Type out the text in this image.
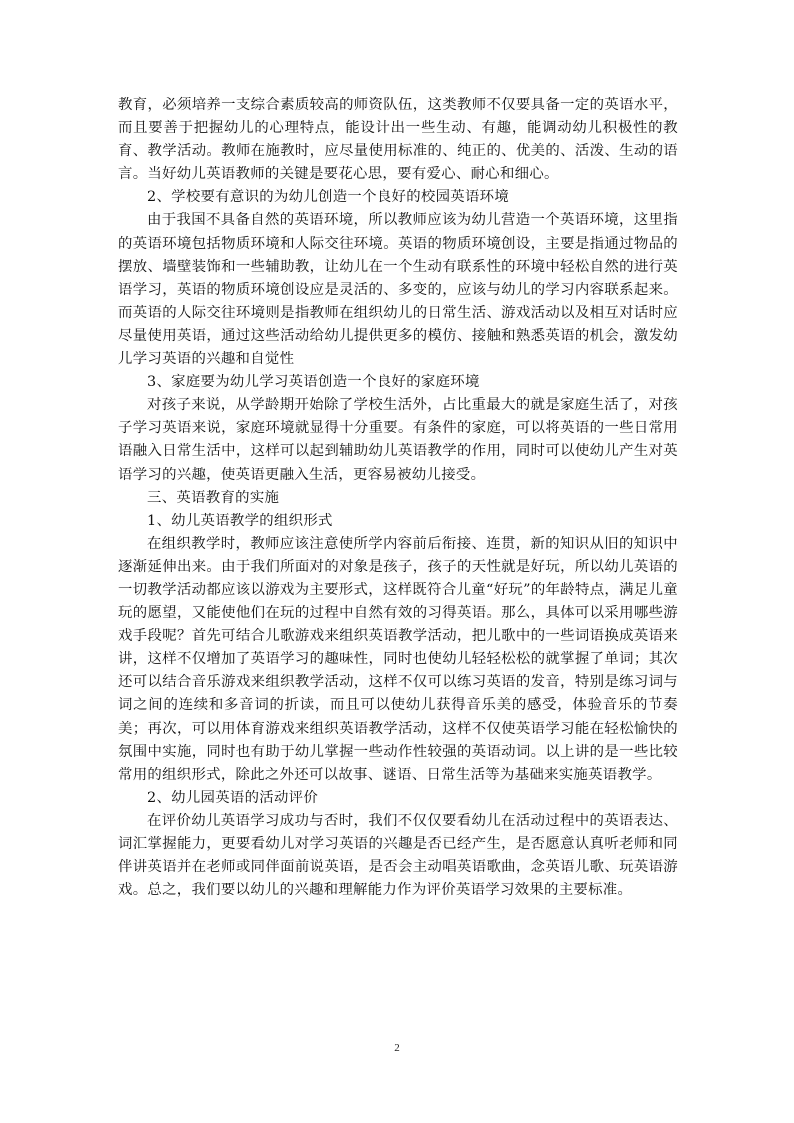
教育，必须培养一支综合素质较高的师资队伍，这类教师不仅要具备一定的英语水平，而且要善于把握幼儿的心理特点，能设计出一些生动、有趣，能调动幼儿积极性的教育、教学活动。教师在施教时，应尽量使用标准的、纯正的、优美的、活泼、生动的语言。当好幼儿英语教师的关键是要花心思，要有爱心、耐心和细心。

2、学校要有意识的为幼儿创造一个良好的校园英语环境

由于我国不具备自然的英语环境，所以教师应该为幼儿营造一个英语环境，这里指的英语环境包括物质环境和人际交往环境。英语的物质环境创设，主要是指通过物品的摆放、墙壁装饰和一些辅助教，让幼儿在一个生动有联系性的环境中轻松自然的进行英语学习，英语的物质环境创设应是灵活的、多变的，应该与幼儿的学习内容联系起来。而英语的人际交往环境则是指教师在组织幼儿的日常生活、游戏活动以及相互对话时应尽量使用英语，通过这些活动给幼儿提供更多的模仿、接触和熟悉英语的机会，激发幼儿学习英语的兴趣和自觉性

3、家庭要为幼儿学习英语创造一个良好的家庭环境

对孩子来说，从学龄期开始除了学校生活外，占比重最大的就是家庭生活了，对孩子学习英语来说，家庭环境就显得十分重要。有条件的家庭，可以将英语的一些日常用语融入日常生活中，这样可以起到辅助幼儿英语教学的作用，同时可以使幼儿产生对英语学习的兴趣，使英语更融入生活，更容易被幼儿接受。

三、英语教育的实施

1、幼儿英语教学的组织形式

在组织教学时，教师应该注意使所学内容前后衔接、连贯，新的知识从旧的知识中逐渐延伸出来。由于我们所面对的对象是孩子，孩子的天性就是好玩，所以幼儿英语的一切教学活动都应该以游戏为主要形式，这样既符合儿童“好玩”的年龄特点，满足儿童玩的愿望，又能使他们在玩的过程中自然有效的习得英语。那么，具体可以采用哪些游戏手段呢？首先可结合儿歌游戏来组织英语教学活动，把儿歌中的一些词语换成英语来讲，这样不仅增加了英语学习的趣味性，同时也使幼儿轻轻松松的就掌握了单词；其次还可以结合音乐游戏来组织教学活动，这样不仅可以练习英语的发音，特别是练习词与词之间的连续和多音词的折读，而且可以使幼儿获得音乐美的感受，体验音乐的节奏美；再次，可以用体育游戏来组织英语教学活动，这样不仅使英语学习能在轻松愉快的氛围中实施，同时也有助于幼儿掌握一些动作性较强的英语动词。以上讲的是一些比较常用的组织形式，除此之外还可以故事、谜语、日常生活等为基础来实施英语教学。

2、幼儿园英语的活动评价

在评价幼儿英语学习成功与否时，我们不仅仅要看幼儿在活动过程中的英语表达、词汇掌握能力，更要看幼儿对学习英语的兴趣是否已经产生，是否愿意认真听老师和同伴讲英语并在老师或同伴面前说英语，是否会主动唱英语歌曲，念英语儿歌、玩英语游戏。总之，我们要以幼儿的兴趣和理解能力作为评价英语学习效果的主要标准。

2
